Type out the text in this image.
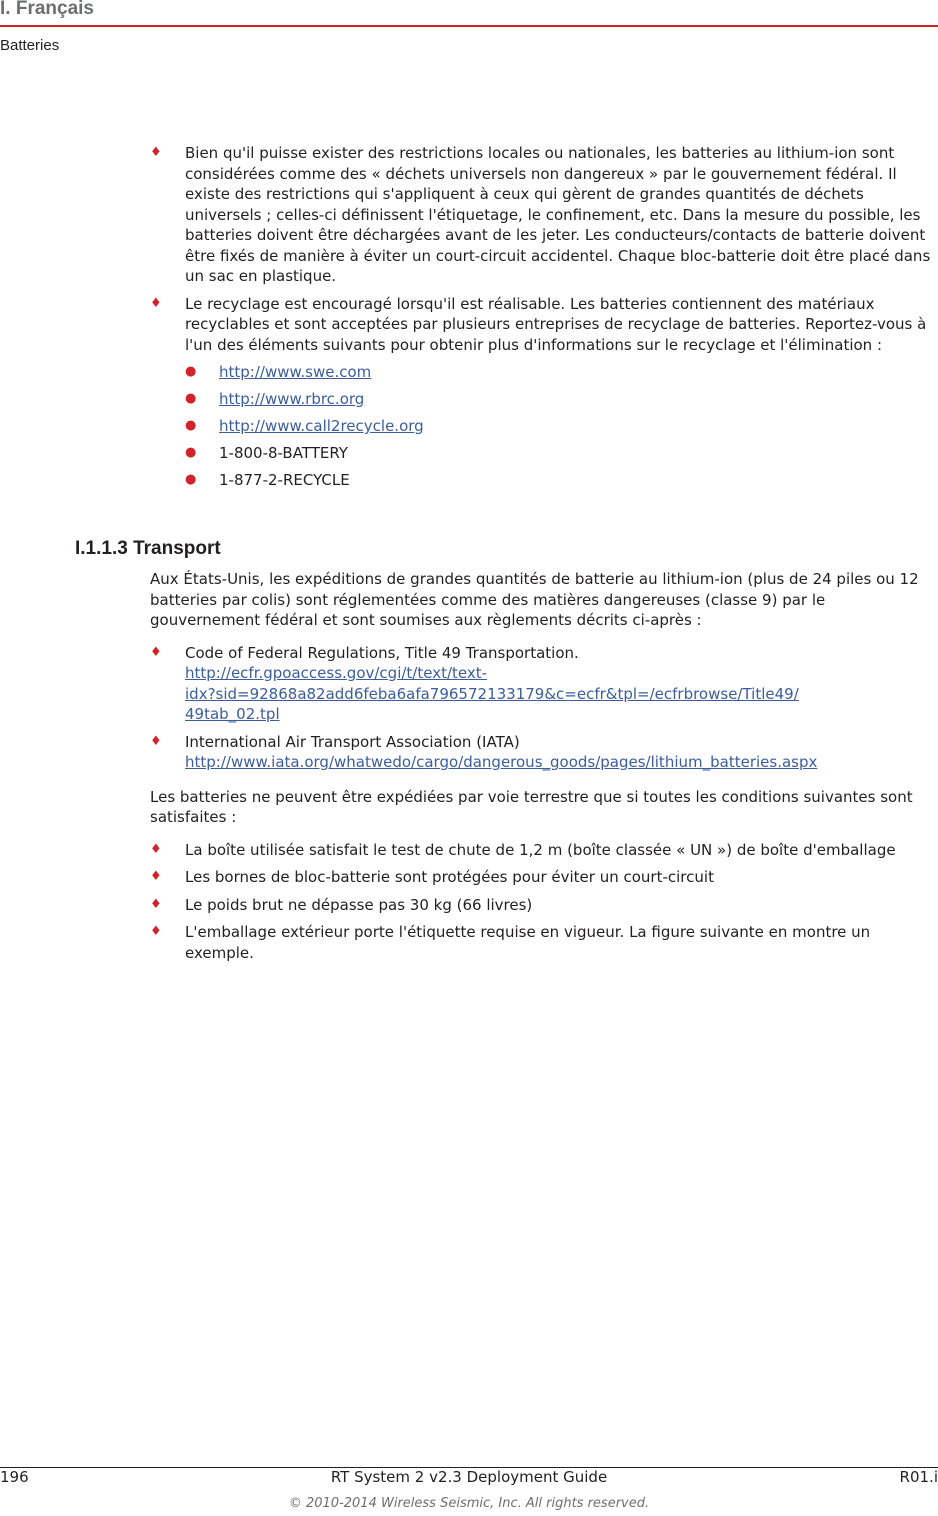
I. Français
Batteries
♦ Bien qu'il puisse exister des restrictions locales ou nationales, les batteries au lithium-ion sont considérées comme des « déchets universels non dangereux » par le gouvernement fédéral. Il existe des restrictions qui s'appliquent à ceux qui gèrent de grandes quantités de déchets universels ; celles-ci définissent l'étiquetage, le confinement, etc. Dans la mesure du possible, les batteries doivent être déchargées avant de les jeter. Les conducteurs/contacts de batterie doivent être fixés de manière à éviter un court-circuit accidentel. Chaque bloc-batterie doit être placé dans un sac en plastique.
♦ Le recyclage est encouragé lorsqu'il est réalisable. Les batteries contiennent des matériaux recyclables et sont acceptées par plusieurs entreprises de recyclage de batteries. Reportez-vous à l'un des éléments suivants pour obtenir plus d'informations sur le recyclage et l'élimination :
● http://www.swe.com
● http://www.rbrc.org
● http://www.call2recycle.org
● 1-800-8-BATTERY
● 1-877-2-RECYCLE
I.1.1.3 Transport

Aux États-Unis, les expéditions de grandes quantités de batterie au lithium-ion (plus de 24 piles ou 12 batteries par colis) sont réglementées comme des matières dangereuses (classe 9) par le gouvernement fédéral et sont soumises aux règlements décrits ci-après :

♦ Code of Federal Regulations, Title 49 Transportation.
http://ecfr.gpoaccess.gov/cgi/t/text/text-
idx?sid=92868a82add6feba6afa796572133179&c=ecfr&tpl=/ecfrbrowse/Title49/
49tab_02.tpl
♦ International Air Transport Association (IATA)
http://www.iata.org/whatwedo/cargo/dangerous_goods/pages/lithium_batteries.aspx

Les batteries ne peuvent être expédiées par voie terrestre que si toutes les conditions suivantes sont satisfaites :

♦ La boîte utilisée satisfait le test de chute de 1,2 m (boîte classée « UN ») de boîte d'emballage
♦ Les bornes de bloc-batterie sont protégées pour éviter un court-circuit
♦ Le poids brut ne dépasse pas 30 kg (66 livres)
♦ L'emballage extérieur porte l'étiquette requise en vigueur. La figure suivante en montre un exemple.
196	RT System 2 v2.3 Deployment Guide	R01.i
© 2010-2014 Wireless Seismic, Inc. All rights reserved.
